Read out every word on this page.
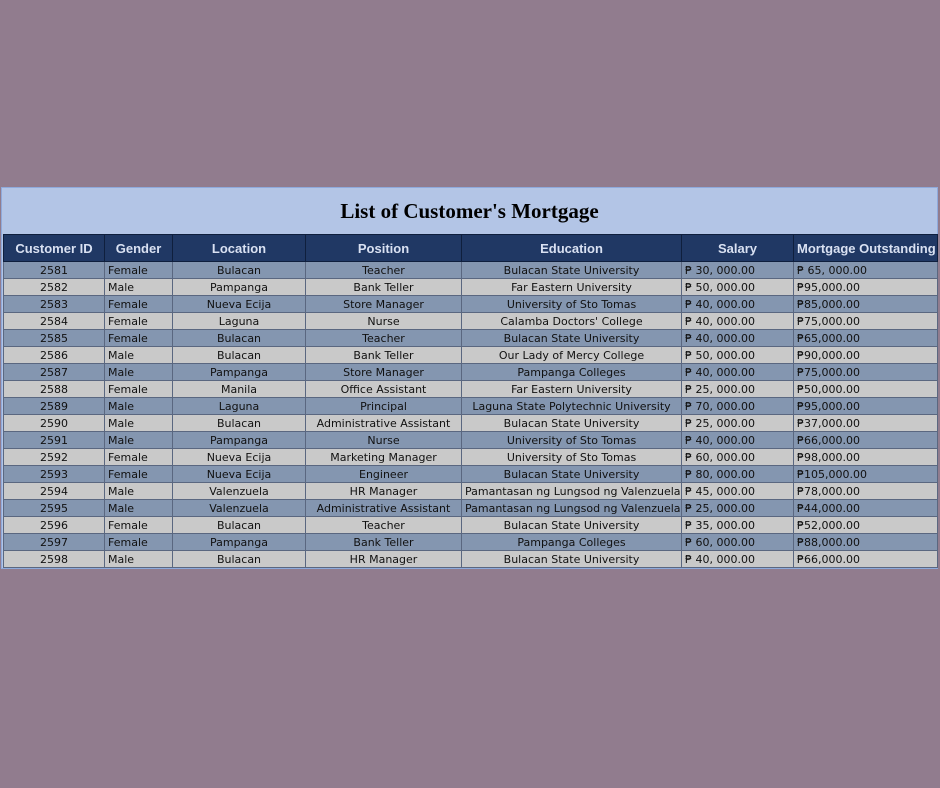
List of Customer's Mortgage
Customer ID	Gender	Location	Position	Education	Salary	Mortgage Outstanding
2581	Female	Bulacan	Teacher	Bulacan State University	₱ 30, 000.00	₱ 65, 000.00
2582	Male	Pampanga	Bank Teller	Far Eastern University	₱ 50, 000.00	₱95,000.00
2583	Female	Nueva Ecija	Store Manager	University of Sto Tomas	₱ 40, 000.00	₱85,000.00
2584	Female	Laguna	Nurse	Calamba Doctors' College	₱ 40, 000.00	₱75,000.00
2585	Female	Bulacan	Teacher	Bulacan State University	₱ 40, 000.00	₱65,000.00
2586	Male	Bulacan	Bank Teller	Our Lady of Mercy College	₱ 50, 000.00	₱90,000.00
2587	Male	Pampanga	Store Manager	Pampanga Colleges	₱ 40, 000.00	₱75,000.00
2588	Female	Manila	Office Assistant	Far Eastern University	₱ 25, 000.00	₱50,000.00
2589	Male	Laguna	Principal	Laguna State Polytechnic University	₱ 70, 000.00	₱95,000.00
2590	Male	Bulacan	Administrative Assistant	Bulacan State University	₱ 25, 000.00	₱37,000.00
2591	Male	Pampanga	Nurse	University of Sto Tomas	₱ 40, 000.00	₱66,000.00
2592	Female	Nueva Ecija	Marketing Manager	University of Sto Tomas	₱ 60, 000.00	₱98,000.00
2593	Female	Nueva Ecija	Engineer	Bulacan State University	₱ 80, 000.00	₱105,000.00
2594	Male	Valenzuela	HR Manager	Pamantasan ng Lungsod ng Valenzuela	₱ 45, 000.00	₱78,000.00
2595	Male	Valenzuela	Administrative Assistant	Pamantasan ng Lungsod ng Valenzuela	₱ 25, 000.00	₱44,000.00
2596	Female	Bulacan	Teacher	Bulacan State University	₱ 35, 000.00	₱52,000.00
2597	Female	Pampanga	Bank Teller	Pampanga Colleges	₱ 60, 000.00	₱88,000.00
2598	Male	Bulacan	HR Manager	Bulacan State University	₱ 40, 000.00	₱66,000.00
